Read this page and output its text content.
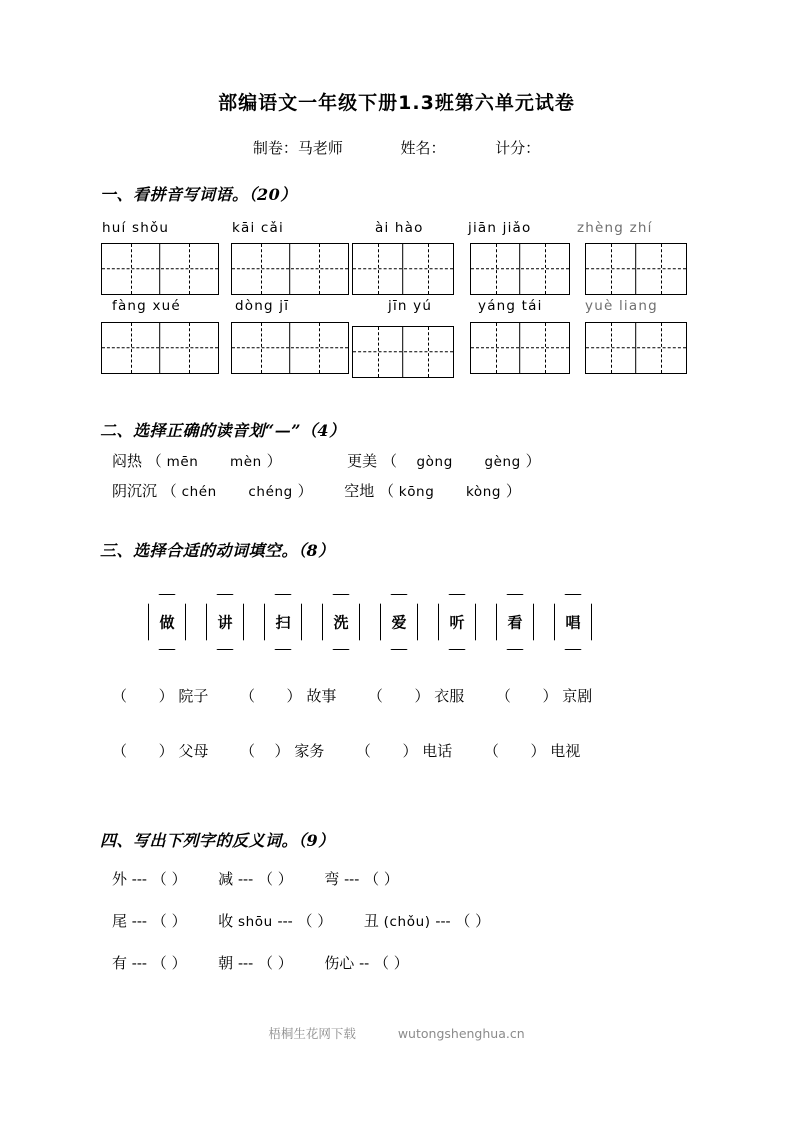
部编语文一年级下册1.3班第六单元试卷
制卷：马老师	姓名：	计分：
一、看拼音写词语。（20）
huí shǒu	kāi cǎi	ài hào	jiān jiǎo	zhèng zhí
fàng xué	dòng jī	jīn yú	yáng tái	yuè liang
二、选择正确的读音划“—”（4）
闷热 （ mēn mèn ）	更美 （ gòng gèng ）
阴沉沉 （ chén chéng ） 空地 （ kōng kòng ）
三、选择合适的动词填空。（8）
做	讲	扫	洗	爱	听	看	唱
（ ） 院子 （ ） 故事 （ ） 衣服 （ ） 京剧
（ ） 父母 （ ） 家务 （ ） 电话 （ ） 电视
四、写出下列字的反义词。（9）
外 --- （ ） 减 --- （ ） 弯 --- （ ）
尾 --- （ ） 收 shōu --- （ ） 丑 (chǒu) --- （ ）
有 --- （ ） 朝 --- （ ） 伤心 -- （ ）
梧桐生花网下载	wutongshenghua.cn
